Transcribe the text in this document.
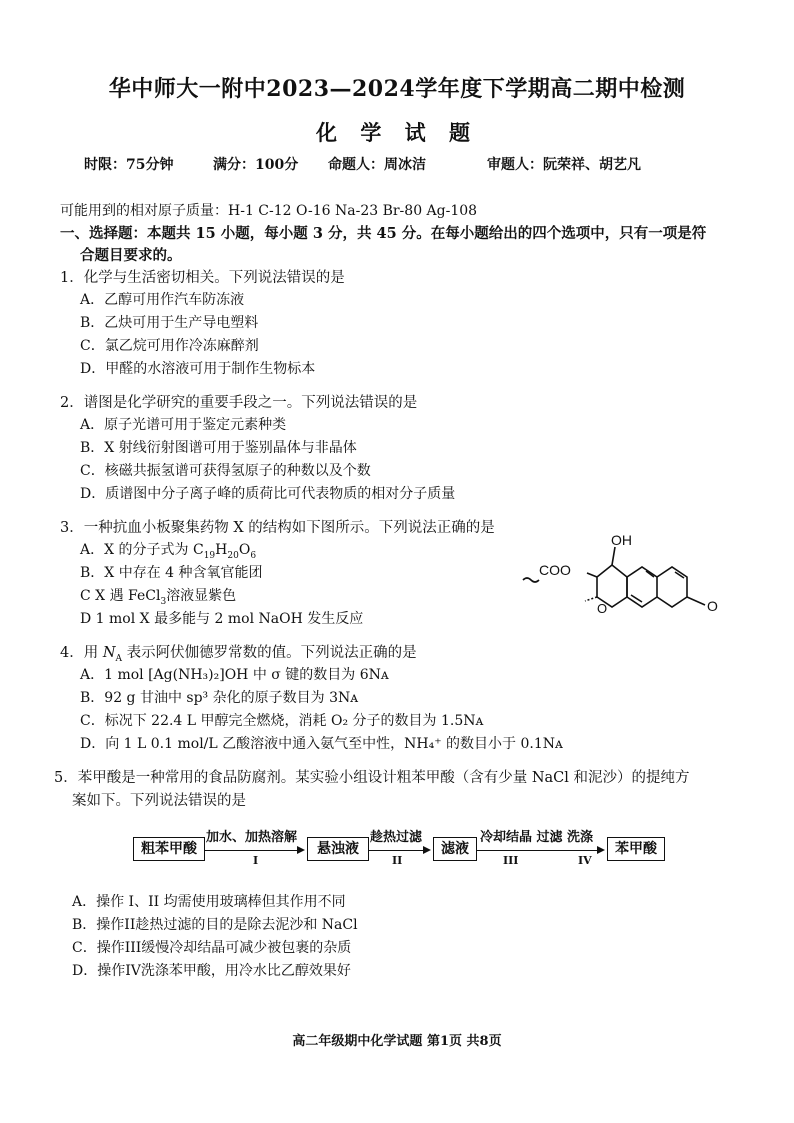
华中师大一附中2023—2024学年度下学期高二期中检测
化 学 试 题
时限：75分钟	满分：100分 命题人：周冰洁	审题人：阮荣祥、胡艺凡
可能用到的相对原子质量：H-1 C-12 O-16 Na-23 Br-80 Ag-108
一、选择题：本题共 15 小题，每小题 3 分，共 45 分。在每小题给出的四个选项中，只有一项是符
合题目要求的。
1．化学与生活密切相关。下列说法错误的是
A．乙醇可用作汽车防冻液
B．乙炔可用于生产导电塑料
C．氯乙烷可用作冷冻麻醉剂
D．甲醛的水溶液可用于制作生物标本
2．谱图是化学研究的重要手段之一。下列说法错误的是
A．原子光谱可用于鉴定元素种类
B．X 射线衍射图谱可用于鉴别晶体与非晶体
C．核磁共振氢谱可获得氢原子的种数以及个数
D．质谱图中分子离子峰的质荷比可代表物质的相对分子质量
3．一种抗血小板聚集药物 X 的结构如下图所示。下列说法正确的是
A．X 的分子式为 $C_{19}H_{20}O_6$
B．X 中存在 4 种含氧官能团
C X 遇 FeCl$_3$溶液显紫色
D 1 mol X 最多能与 2 mol NaOH 发生反应
COO
OH
O	O
4．用 $N_A$ 表示阿伏伽德罗常数的值。下列说法正确的是
A．1 mol [Ag(NH₃)₂]OH 中 σ 键的数目为 6Nᴀ
B．92 g 甘油中 sp³ 杂化的原子数目为 3Nᴀ
C．标况下 22.4 L 甲醇完全燃烧，消耗 O₂ 分子的数目为 1.5Nᴀ
D．向 1 L 0.1 mol/L 乙酸溶液中通入氨气至中性，NH₄⁺ 的数目小于 0.1Nᴀ
5．苯甲酸是一种常用的食品防腐剂。某实验小组设计粗苯甲酸（含有少量 NaCl 和泥沙）的提纯方
案如下。下列说法错误的是
粗苯甲酸
加水、加热溶解
I
悬浊液
趁热过滤
II
滤液
冷却结晶 过滤 洗涤
III	IV
苯甲酸
A．操作 I、II 均需使用玻璃棒但其作用不同
B．操作II趁热过滤的目的是除去泥沙和 NaCl
C．操作III缓慢冷却结晶可减少被包裹的杂质
D．操作IV洗涤苯甲酸，用冷水比乙醇效果好
高二年级期中化学试题 第1页 共8页
